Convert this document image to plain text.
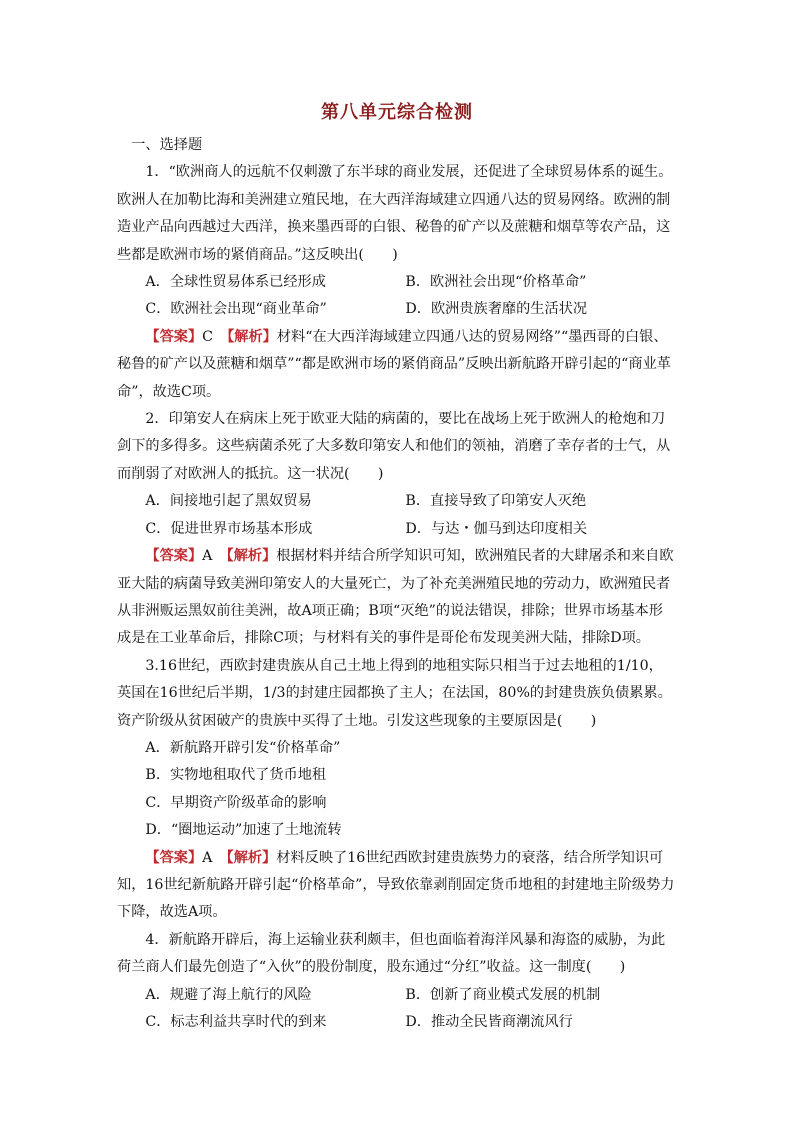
第八单元综合检测

一、选择题

1．“欧洲商人的远航不仅刺激了东半球的商业发展，还促进了全球贸易体系的诞生。欧洲人在加勒比海和美洲建立殖民地，在大西洋海域建立四通八达的贸易网络。欧洲的制造业产品向西越过大西洋，换来墨西哥的白银、秘鲁的矿产以及蔗糖和烟草等农产品，这些都是欧洲市场的紧俏商品。”这反映出(　　)

A．全球性贸易体系已经形成	B．欧洲社会出现“价格革命”
C．欧洲社会出现“商业革命”	D．欧洲贵族奢靡的生活状况

【答案】C　 【解析】材料“在大西洋海域建立四通八达的贸易网络”“墨西哥的白银、秘鲁的矿产以及蔗糖和烟草”“都是欧洲市场的紧俏商品”反映出新航路开辟引起的“商业革命”，故选C项。

2．印第安人在病床上死于欧亚大陆的病菌的，要比在战场上死于欧洲人的枪炮和刀剑下的多得多。这些病菌杀死了大多数印第安人和他们的领袖，消磨了幸存者的士气，从而削弱了对欧洲人的抵抗。这一状况(　　)

A．间接地引起了黑奴贸易	B．直接导致了印第安人灭绝
C．促进世界市场基本形成	D．与达・伽马到达印度相关

【答案】A　 【解析】根据材料并结合所学知识可知，欧洲殖民者的大肆屠杀和来自欧亚大陆的病菌导致美洲印第安人的大量死亡，为了补充美洲殖民地的劳动力，欧洲殖民者从非洲贩运黑奴前往美洲，故A项正确；B项“灭绝”的说法错误，排除；世界市场基本形成是在工业革命后，排除C项；与材料有关的事件是哥伦布发现美洲大陆，排除D项。

3.16世纪，西欧封建贵族从自己土地上得到的地租实际只相当于过去地租的1/10，英国在16世纪后半期，1/3的封建庄园都换了主人；在法国，80%的封建贵族负债累累。资产阶级从贫困破产的贵族中买得了土地。引发这些现象的主要原因是(　　)

A．新航路开辟引发“价格革命”

B．实物地租取代了货币地租

C．早期资产阶级革命的影响

D．“圈地运动”加速了土地流转

【答案】A　 【解析】材料反映了16世纪西欧封建贵族势力的衰落，结合所学知识可知，16世纪新航路开辟引起“价格革命”，导致依靠剥削固定货币地租的封建地主阶级势力下降，故选A项。

4．新航路开辟后，海上运输业获利颇丰，但也面临着海洋风暴和海盗的威胁，为此荷兰商人们最先创造了“入伙”的股份制度，股东通过“分红”收益。这一制度(　　)

A．规避了海上航行的风险	B．创新了商业模式发展的机制
C．标志利益共享时代的到来	D．推动全民皆商潮流风行
